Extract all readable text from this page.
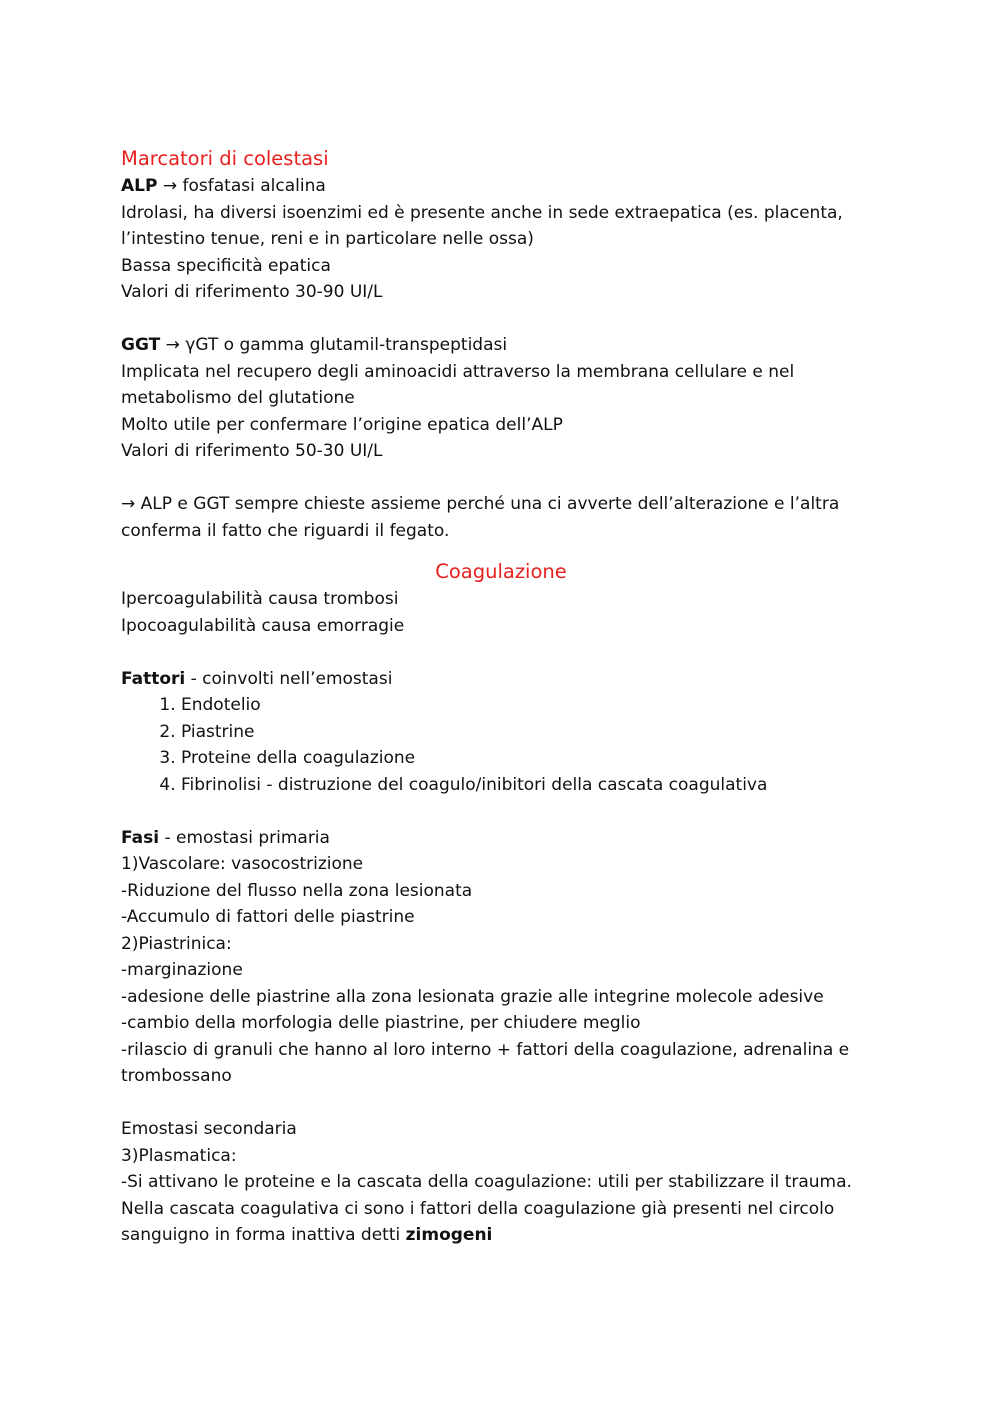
Marcatori di colestasi
ALP → fosfatasi alcalina
Idrolasi, ha diversi isoenzimi ed è presente anche in sede extraepatica (es. placenta, l’intestino tenue, reni e in particolare nelle ossa)
Bassa specificità epatica
Valori di riferimento 30-90 UI/L
GGT → γGT o gamma glutamil-transpeptidasi
Implicata nel recupero degli aminoacidi attraverso la membrana cellulare e nel metabolismo del glutatione
Molto utile per confermare l’origine epatica dell’ALP
Valori di riferimento 50-30 UI/L
→ ALP e GGT sempre chieste assieme perché una ci avverte dell’alterazione e l’altra conferma il fatto che riguardi il fegato.
Coagulazione
Ipercoagulabilità causa trombosi
Ipocoagulabilità causa emorragie
Fattori - coinvolti nell’emostasi
1. Endotelio
2. Piastrine
3. Proteine della coagulazione
4. Fibrinolisi - distruzione del coagulo/inibitori della cascata coagulativa
Fasi - emostasi primaria
1)Vascolare: vasocostrizione
-Riduzione del flusso nella zona lesionata
-Accumulo di fattori delle piastrine
2)Piastrinica:
-marginazione
-adesione delle piastrine alla zona lesionata grazie alle integrine molecole adesive
-cambio della morfologia delle piastrine, per chiudere meglio
-rilascio di granuli che hanno al loro interno + fattori della coagulazione, adrenalina e trombossano
Emostasi secondaria
3)Plasmatica:
-Si attivano le proteine e la cascata della coagulazione: utili per stabilizzare il trauma.
Nella cascata coagulativa ci sono i fattori della coagulazione già presenti nel circolo sanguigno in forma inattiva detti zimogeni
